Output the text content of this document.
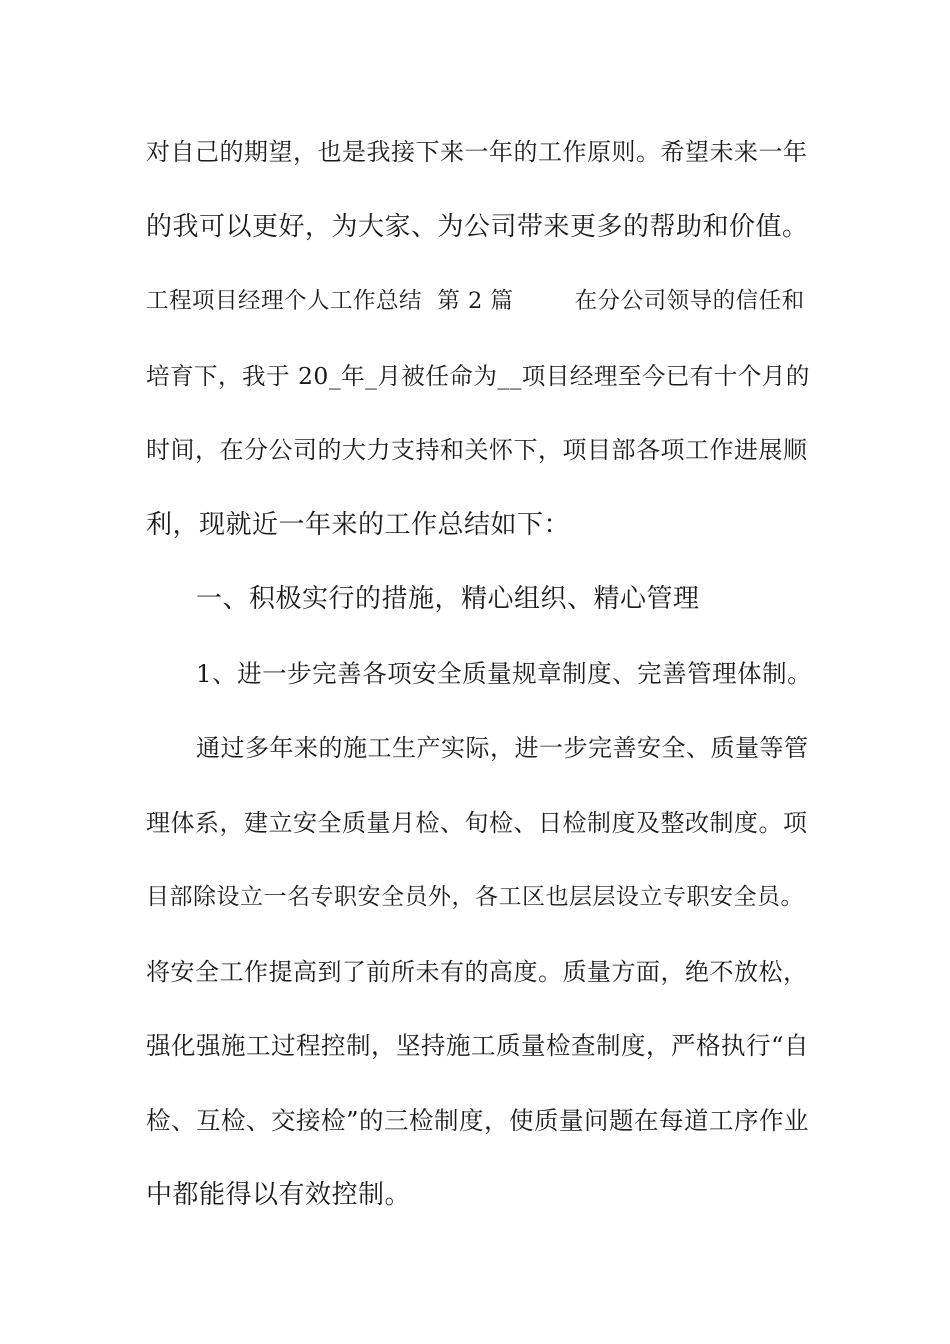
对自己的期望，也是我接下来一年的工作原则。希望未来一年

的我可以更好，为大家、为公司带来更多的帮助和价值。

工程项目经理个人工作总结  第 2 篇        在分公司领导的信任和

培育下，我于 20_年_月被任命为__项目经理至今已有十个月的

时间，在分公司的大力支持和关怀下，项目部各项工作进展顺

利，现就近一年来的工作总结如下：

一、积极实行的措施，精心组织、精心管理

1、进一步完善各项安全质量规章制度、完善管理体制。

通过多年来的施工生产实际，进一步完善安全、质量等管

理体系，建立安全质量月检、旬检、日检制度及整改制度。项

目部除设立一名专职安全员外，各工区也层层设立专职安全员。

将安全工作提高到了前所未有的高度。质量方面，绝不放松，

强化强施工过程控制，坚持施工质量检查制度，严格执行“自

检、互检、交接检”的三检制度，使质量问题在每道工序作业

中都能得以有效控制。
